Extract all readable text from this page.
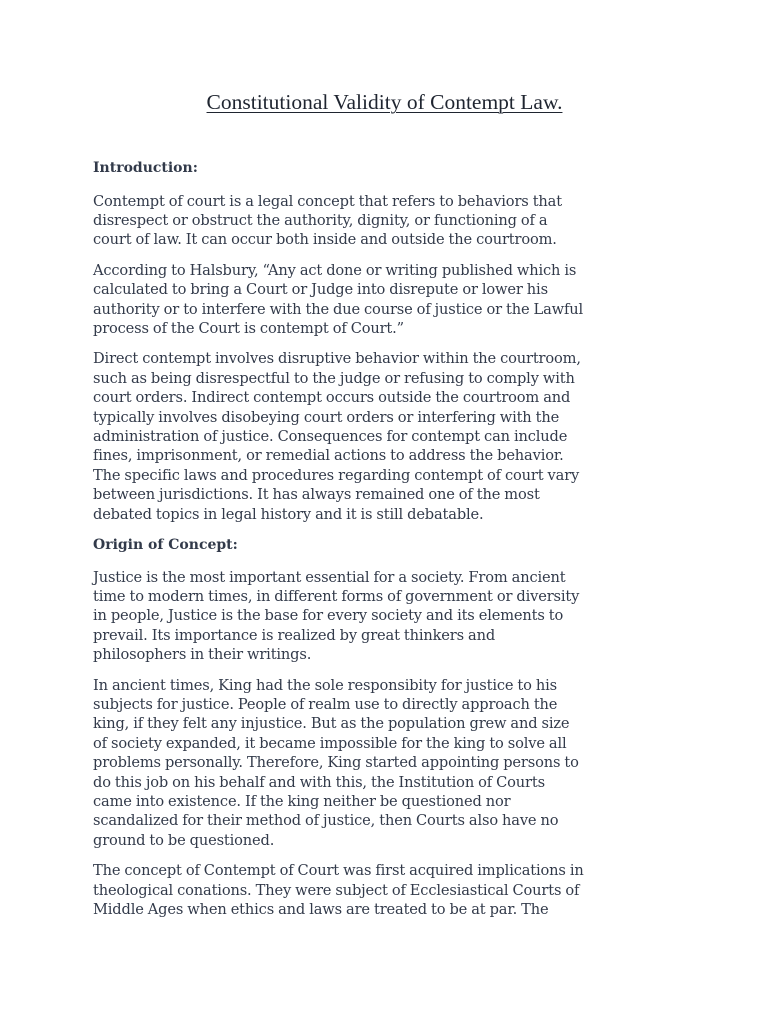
Constitutional Validity of Contempt Law.
Introduction:

Contempt of court is a legal concept that refers to behaviors that
disrespect or obstruct the authority, dignity, or functioning of a
court of law. It can occur both inside and outside the courtroom.

According to Halsbury, “Any act done or writing published which is
calculated to bring a Court or Judge into disrepute or lower his
authority or to interfere with the due course of justice or the Lawful
process of the Court is contempt of Court.”

Direct contempt involves disruptive behavior within the courtroom,
such as being disrespectful to the judge or refusing to comply with
court orders. Indirect contempt occurs outside the courtroom and
typically involves disobeying court orders or interfering with the
administration of justice. Consequences for contempt can include
fines, imprisonment, or remedial actions to address the behavior.
The specific laws and procedures regarding contempt of court vary
between jurisdictions. It has always remained one of the most
debated topics in legal history and it is still debatable.

Origin of Concept:

Justice is the most important essential for a society. From ancient
time to modern times, in different forms of government or diversity
in people, Justice is the base for every society and its elements to
prevail. Its importance is realized by great thinkers and
philosophers in their writings.

In ancient times, King had the sole responsibity for justice to his
subjects for justice. People of realm use to directly approach the
king, if they felt any injustice. But as the population grew and size
of society expanded, it became impossible for the king to solve all
problems personally. Therefore, King started appointing persons to
do this job on his behalf and with this, the Institution of Courts
came into existence. If the king neither be questioned nor
scandalized for their method of justice, then Courts also have no
ground to be questioned.

The concept of Contempt of Court was first acquired implications in
theological conations. They were subject of Ecclesiastical Courts of
Middle Ages when ethics and laws are treated to be at par. The
